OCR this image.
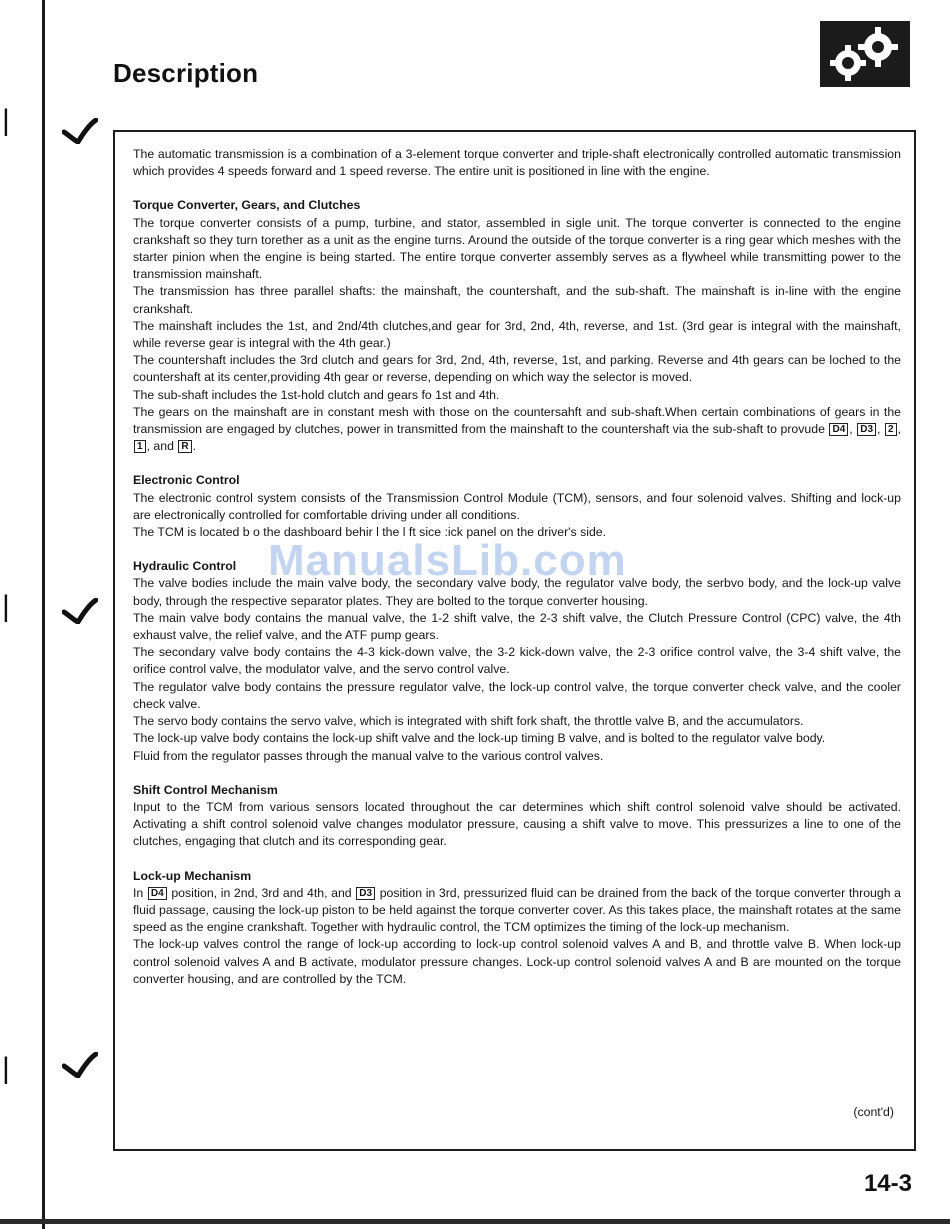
|
|
|
Description

The automatic transmission is a combination of a 3-element torque converter and triple-shaft electronically controlled automatic transmission which provides 4 speeds forward and 1 speed reverse. The entire unit is positioned in line with the engine.

Torque Converter, Gears, and Clutches

The torque converter consists of a pump, turbine, and stator, assembled in sigle unit. The torque converter is connected to the engine crankshaft so they turn torether as a unit as the engine turns. Around the outside of the torque converter is a ring gear which meshes with the starter pinion when the engine is being started. The entire torque converter assembly serves as a flywheel while transmitting power to the transmission mainshaft.

The transmission has three parallel shafts: the mainshaft, the countershaft, and the sub-shaft. The mainshaft is in-line with the engine crankshaft.

The mainshaft includes the 1st, and 2nd/4th clutches,and gear for 3rd, 2nd, 4th, reverse, and 1st. (3rd gear is integral with the mainshaft, while reverse gear is integral with the 4th gear.)

The countershaft includes the 3rd clutch and gears for 3rd, 2nd, 4th, reverse, 1st, and parking. Reverse and 4th gears can be loched to the countershaft at its center,providing 4th gear or reverse, depending on which way the selector is moved.

The sub-shaft includes the 1st-hold clutch and gears fo 1st and 4th.

The gears on the mainshaft are in constant mesh with those on the countersahft and sub-shaft.When certain combinations of gears in the transmission are engaged by clutches, power in transmitted from the mainshaft to the countershaft via the sub-shaft to provude D4 , D3 , 2 , 1 , and R .

Electronic Control

The electronic control system consists of the Transmission Control Module (TCM), sensors, and four solenoid valves. Shifting and lock-up are electronically controlled for comfortable driving under all conditions.

The TCM is located b o the dashboard behir l the l ft sice :ick panel on the driver's side.

Hydraulic Control

The valve bodies include the main valve body, the secondary valve body, the regulator valve body, the serbvo body, and the lock-up valve body, through the respective separator plates. They are bolted to the torque converter housing.

The main valve body contains the manual valve, the 1-2 shift valve, the 2-3 shift valve, the Clutch Pressure Control (CPC) valve, the 4th exhaust valve, the relief valve, and the ATF pump gears.

The secondary valve body contains the 4-3 kick-down valve, the 3-2 kick-down valve, the 2-3 orifice control valve, the 3-4 shift valve, the orifice control valve, the modulator valve, and the servo control valve.

The regulator valve body contains the pressure regulator valve, the lock-up control valve, the torque converter check valve, and the cooler check valve.

The servo body contains the servo valve, which is integrated with shift fork shaft, the throttle valve B, and the accumulators.

The lock-up valve body contains the lock-up shift valve and the lock-up timing B valve, and is bolted to the regulator valve body.

Fluid from the regulator passes through the manual valve to the various control valves.

Shift Control Mechanism

Input to the TCM from various sensors located throughout the car determines which shift control solenoid valve should be activated. Activating a shift control solenoid valve changes modulator pressure, causing a shift valve to move. This pressurizes a line to one of the clutches, engaging that clutch and its corresponding gear.

Lock-up Mechanism

In D4 position, in 2nd, 3rd and 4th, and D3 position in 3rd, pressurized fluid can be drained from the back of the torque converter through a fluid passage, causing the lock-up piston to be held against the torque converter cover. As this takes place, the mainshaft rotates at the same speed as the engine crankshaft. Together with hydraulic control, the TCM optimizes the timing of the lock-up mechanism.

The lock-up valves control the range of lock-up according to lock-up control solenoid valves A and B, and throttle valve B. When lock-up control solenoid valves A and B activate, modulator pressure changes. Lock-up control solenoid valves A and B are mounted on the torque converter housing, and are controlled by the TCM.

(cont'd)
ManualsLib.com
14-3
